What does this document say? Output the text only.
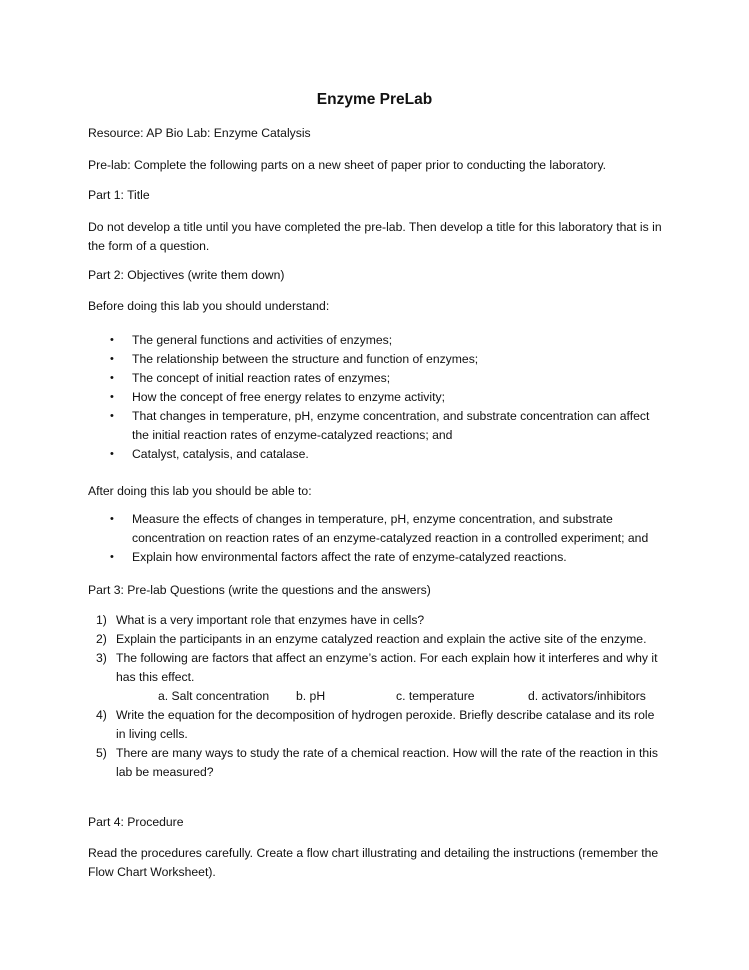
Enzyme PreLab

Resource: AP Bio Lab: Enzyme Catalysis

Pre-lab: Complete the following parts on a new sheet of paper prior to conducting the laboratory.

Part 1: Title

Do not develop a title until you have completed the pre-lab. Then develop a title for this laboratory that is in the form of a question.

Part 2: Objectives (write them down)

Before doing this lab you should understand:

• The general functions and activities of enzymes;
• The relationship between the structure and function of enzymes;
• The concept of initial reaction rates of enzymes;
• How the concept of free energy relates to enzyme activity;
• That changes in temperature, pH, enzyme concentration, and substrate concentration can affect the initial reaction rates of enzyme-catalyzed reactions; and
• Catalyst, catalysis, and catalase.

After doing this lab you should be able to:

• Measure the effects of changes in temperature, pH, enzyme concentration, and substrate concentration on reaction rates of an enzyme-catalyzed reaction in a controlled experiment; and
• Explain how environmental factors affect the rate of enzyme-catalyzed reactions.

Part 3: Pre-lab Questions (write the questions and the answers)

1) What is a very important role that enzymes have in cells?
2) Explain the participants in an enzyme catalyzed reaction and explain the active site of the enzyme.
3) The following are factors that affect an enzyme’s action. For each explain how it interferes and why it has this effect.
a. Salt concentration b. pH	c. temperature	d. activators/inhibitors
4) Write the equation for the decomposition of hydrogen peroxide. Briefly describe catalase and its role in living cells.
5) There are many ways to study the rate of a chemical reaction. How will the rate of the reaction in this lab be measured?

Part 4: Procedure

Read the procedures carefully. Create a flow chart illustrating and detailing the instructions (remember the Flow Chart Worksheet).
